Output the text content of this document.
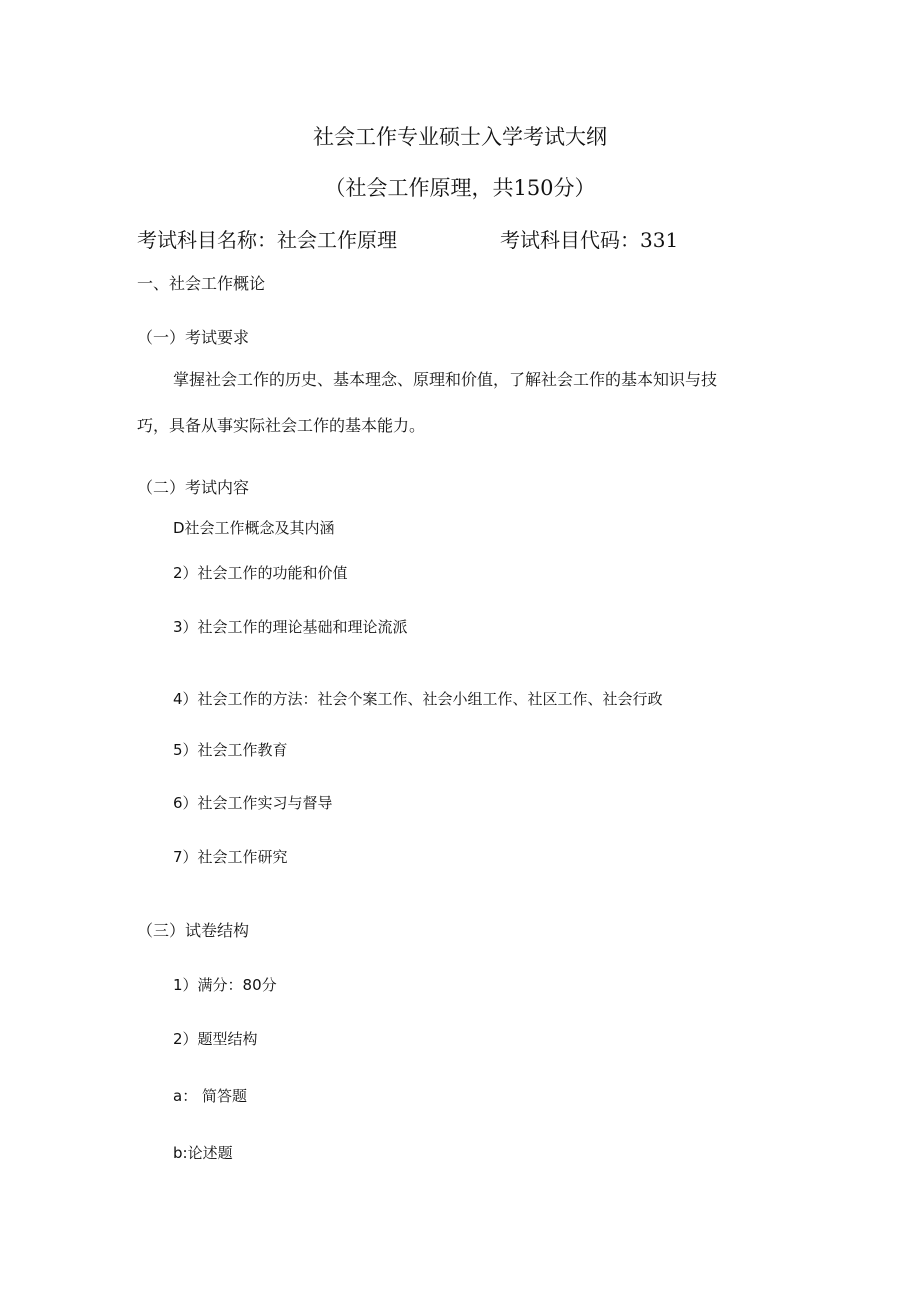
社会工作专业硕士入学考试大纲
（社会工作原理，共150分）
考试科目名称：社会工作原理	考试科目代码：331
一、社会工作概论
（一）考试要求
掌握社会工作的历史、基本理念、原理和价值，了解社会工作的基本知识与技
巧，具备从事实际社会工作的基本能力。
（二）考试内容
D社会工作概念及其内涵
2）社会工作的功能和价值
3）社会工作的理论基础和理论流派
4）社会工作的方法：社会个案工作、社会小组工作、社区工作、社会行政
5）社会工作教育
6）社会工作实习与督导
7）社会工作研究
（三）试卷结构
1）满分：80分
2）题型结构
a： 简答题
b:论述题
